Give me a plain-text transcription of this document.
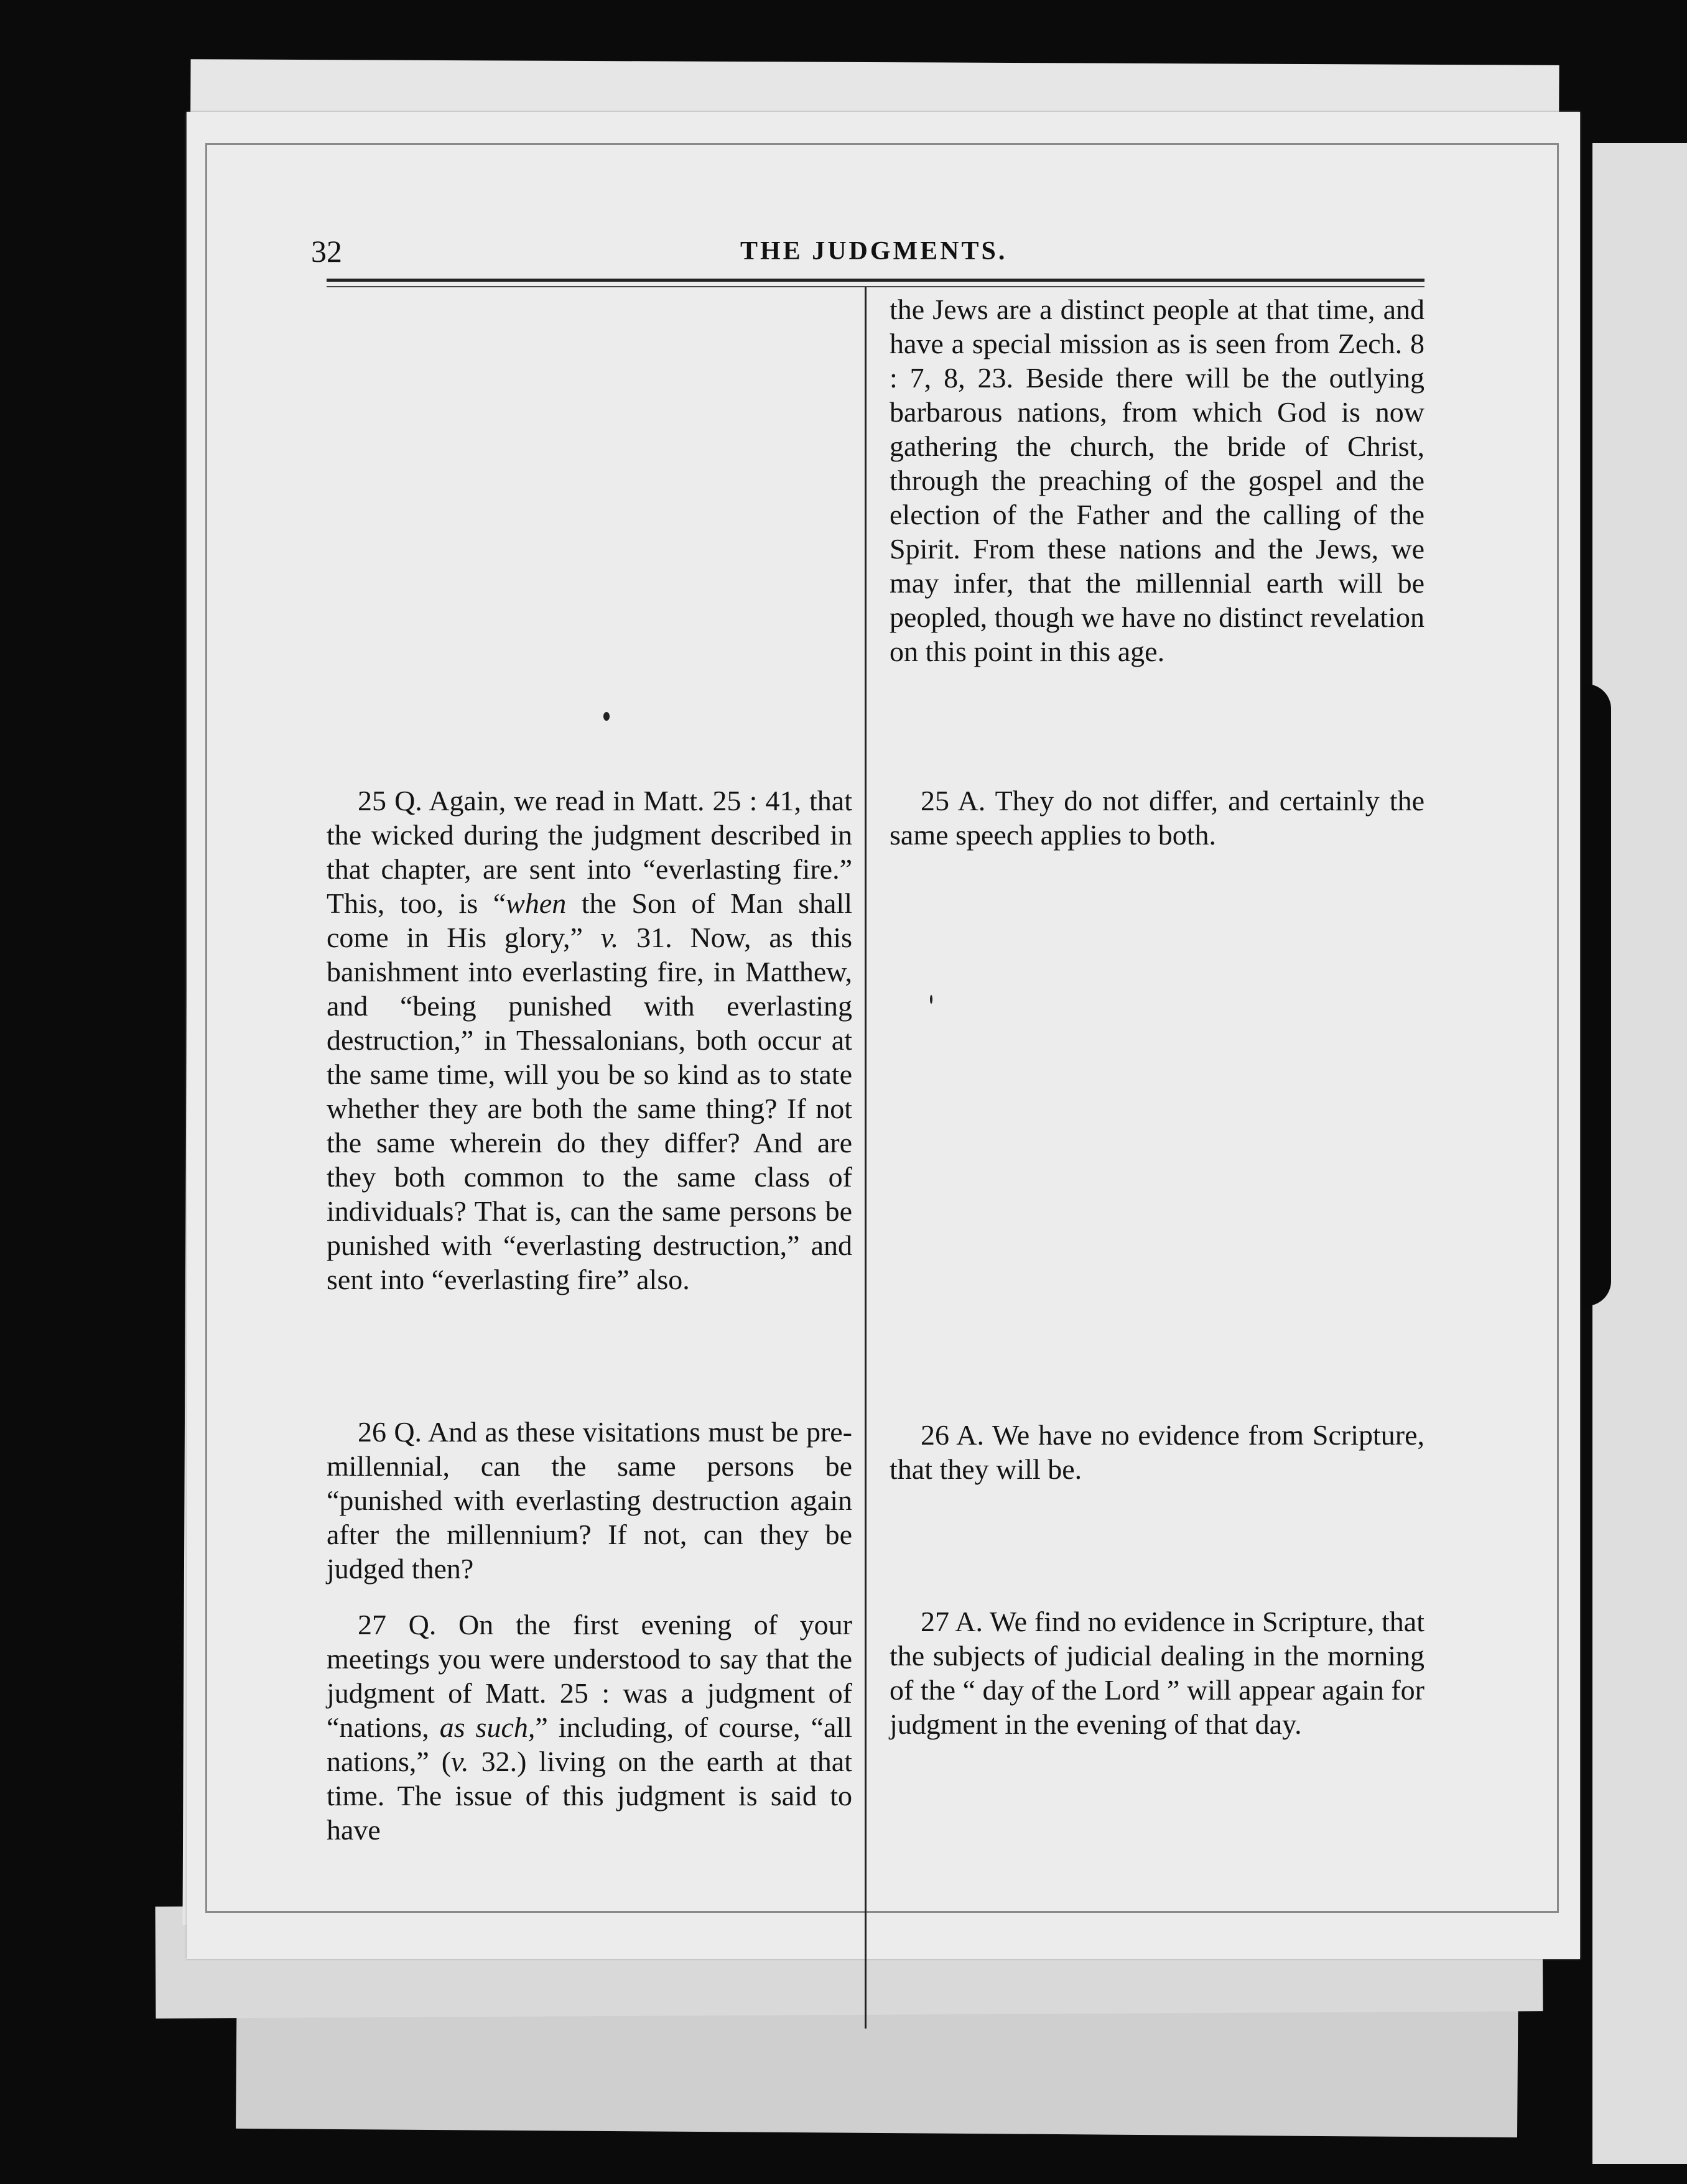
32	THE JUDGMENTS.
the Jews are a distinct people at that time, and have a special mission as is seen from Zech. 8 : 7, 8, 23. Beside there will be the outlying barbarous nations, from which God is now gathering the church, the bride of Christ, through the preaching of the gospel and the election of the Father and the calling of the Spirit. From these nations and the Jews, we may infer, that the millennial earth will be peopled, though we have no distinct revelation on this point in this age.
25 Q. Again, we read in Matt. 25 : 41, that the wicked during the judgment described in that chapter, are sent into “everlasting fire.” This, too, is “when the Son of Man shall come in His glory,” v. 31. Now, as this banishment into everlasting fire, in Matthew, and “being punished with everlasting destruction,” in Thessalonians, both occur at the same time, will you be so kind as to state whether they are both the same thing? If not the same wherein do they differ? And are they both common to the same class of individuals? That is, can the same persons be punished with “everlasting destruction,” and sent into “everlasting fire” also.
25 A. They do not differ, and certainly the same speech applies to both.
26 Q. And as these visitations must be pre-millennial, can the same persons be “punished with everlasting destruction again after the millennium? If not, can they be judged then?
26 A. We have no evidence from Scripture, that they will be.
27 Q. On the first evening of your meetings you were understood to say that the judgment of Matt. 25 : was a judgment of “nations, as such,” including, of course, “all nations,” (v. 32.) living on the earth at that time. The issue of this judgment is said to have
27 A. We find no evidence in Scripture, that the subjects of judicial dealing in the morning of the “ day of the Lord ” will appear again for judgment in the evening of that day.
